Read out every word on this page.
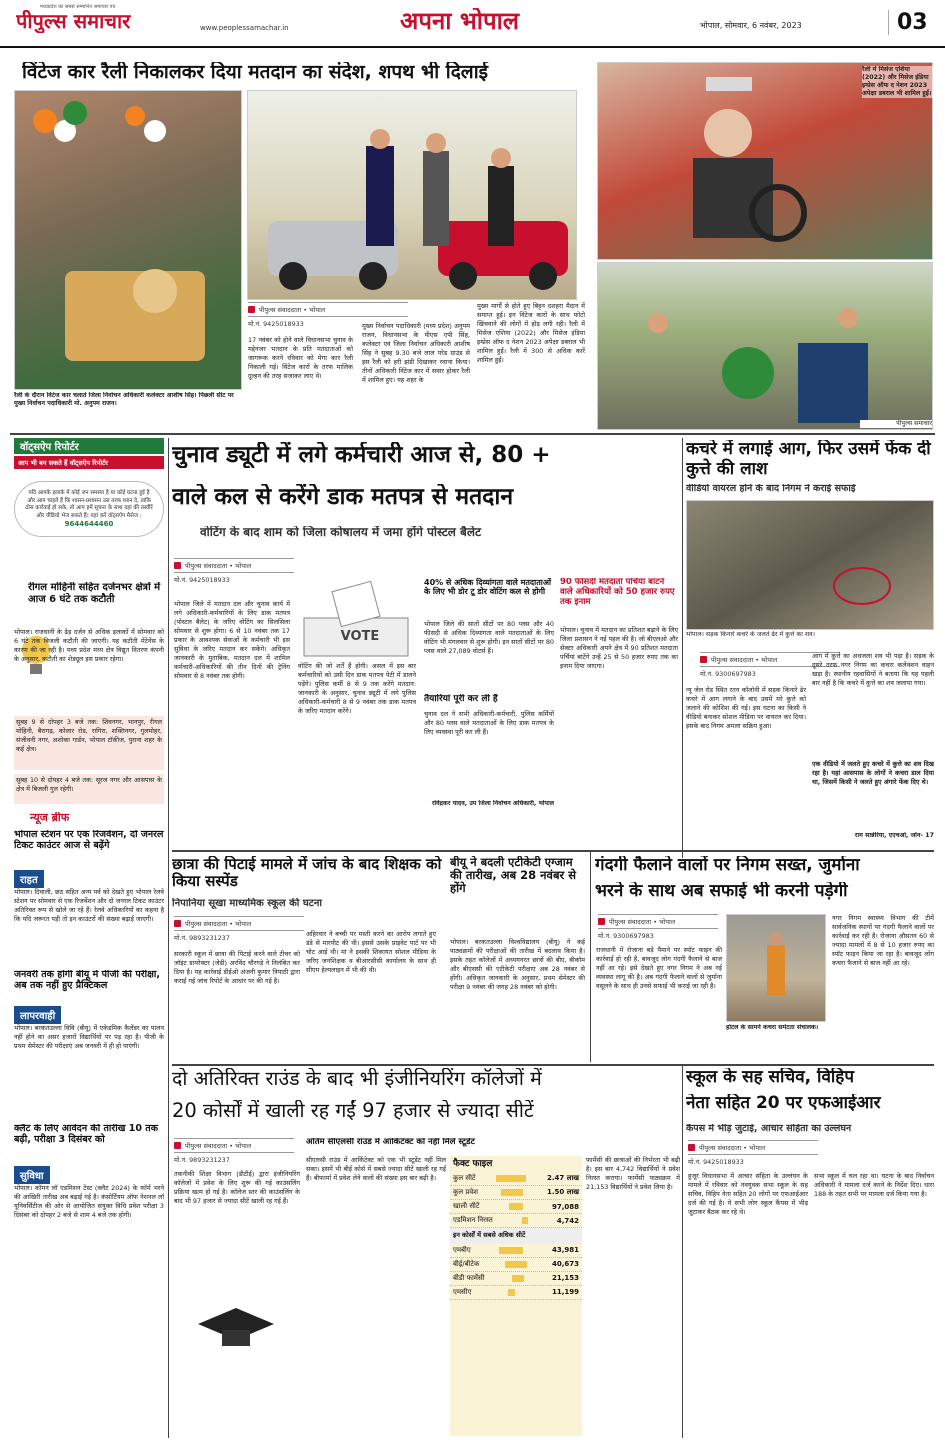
मध्यप्रदेश का सबसे सम्मानित समाचार पत्र
पीपुल्स समाचार	www.peoplessamachar.in	अपना भोपाल	भोपाल, सोमवार, 6 नवंबर, 2023	03
विंटेज कार रैली निकालकर दिया मतदान का संदेश, शपथ भी दिलाई
रैली के दौरान विंटेज कार चलाते जिला निर्वाचन अधिकारी कलेक्टर आशीष सिंह। पिछली सीट पर मुख्य निर्वाचन पदाधिकारी मो. अनुपम राजन।
पीपुल्स संवाददाता • भोपाल
मो.नं. 9425018933
17 नवंबर को होने वाले विधानसभा चुनाव के मद्देनजर भतदान के प्रति मतदाताओं को जागरूक करने रविवार को मेगा कार रैली निकाली गई। विंटेज कारों के तरफ मालिक दूल्हन की तरह सजाकर लाए थे।
मुख्य निर्वाचन पदाधिकारी (मध्य प्रदेश) अनुपम राजन, विधानसभा के पीएस एपी सिंह, कलेक्टर एवं जिला निर्वाचन अधिकारी आशीष सिंह ने सुबह 9.30 बजे लाल परेड ग्राउंड से इस रैली को हरी झंडी दिखाकर रवाना किया। तीनों अधिकारी विंटेज कार में सवार होकर रैली में शामिल हुए। यह शहर के
मुख्य मार्गों से होते हुए बिट्टन दशहरा मैदान में समाप्त हुई। इन विंटेज कारों के साथ फोटो खिंचवाने की लोगों में होड़ लगी रही। रैली में मिसेज एशिया (2022) और मिसेज इंडिया इम्प्रेस ऑफ द नेशन 2023 अपेक्षा डबराल भी शामिल हुईं। रैली में 300 से अधिक कारें शामिल हुईं।
रैली में मिसेज एशिया (2022) और मिसेज इंडिया इम्प्रेस ऑफ द नेशन 2023 अपेक्षा डबराल भी शामिल हुईं।
पीपुल्स समाचार
वॉट्सऐप रिपोर्टर
आप भी बन सकते हैं वॉट्सऐप रिपोर्टर
यदि आपके इलाके में कोई जन समस्या है या कोई घटना हुई है और आप चाहते हैं कि शासन-प्रशासन उस तरफ ध्यान दे, ताकि ठोस कार्रवाई हो सके, तो आप हमें सूचना के साथ वहां की तस्वीरें और वीडियो भेज सकते हैं। यहां करें वॉट्सऐप मैसेज :
9644644460
रीगल मोहिनी सहित दर्जनभर क्षेत्रों में आज 6 घंटे तक कटौती
भोपाल। राजधानी के ढेड़ दर्जन से अधिक इलाकों में सोमवार को 6 घंटे तक बिजली कटौती की जाएगी। यह कटौती मेंटेनेंस के कारण की जा रही है। मध्य प्रदेश मध्य क्षेत्र विद्युत वितरण कंपनी के अनुसार, कटौती का शेड्यूल इस प्रकार रहेगा।
सुबह 9 से दोपहर 3 बजे तक: शिवनगर, भानपुर, रीगल मोहिनी, बैरागढ़, कोलार रोड, रागिरा, शक्तिनगर, गुलमोहर, संजीवनी नगर, अशोका गार्डन, भोपाल टॉकीज, पुराना शहर के कई क्षेत्र।
सुबह 10 से दोपहर 4 बजे तक: सूरज नगर और आसपास के क्षेत्र में बिजली गुल रहेगी।
न्यूज ब्रीफ
भोपाल स्टेशन पर एक रिजर्वेशन, दो जनरल टिकट काउंटर आज से बढ़ेंगे
राहत
भोपाल। दिवाली, छठ सहित अन्य पर्व को देखते हुए भोपाल रेलवे स्टेशन पर सोमवार से एक रिजर्वेशन और दो जनरल टिकट काउंटर अतिरिक्त रूप से खोले जा रहे हैं। रेलवे अधिकारियों का कहना है कि यदि जरूरत पड़ी तो इन काउंटरों की संख्या बढ़ाई जाएगी।
जनवरी तक होगी बीयू में पीजी की परीक्षा, अब तक नहीं हुए प्रैक्टिकल
लापरवाही
भोपाल। बरकतउल्ला विवि (बीयू) में एकेडमिक कैलेंडर का पालन नहीं होने का असर हजारों विद्यार्थियों पर पड़ रहा है। पीजी के प्रथम सेमेस्टर की परीक्षाएं अब जनवरी में ही हो पाएंगी।
क्लैट के लिए आवेदन की तारीख 10 तक बढ़ी, परीक्षा 3 दिसंबर को
सुविधा
भोपाल। कॉमन लॉ एडमिशन टेस्ट (क्लैट 2024) के फॉर्म भरने की आखिरी तारीख अब बढ़ाई गई है। कंसोर्टियम ऑफ नेशनल लॉ यूनिवर्सिटीज की ओर से आयोजित संयुक्त विधि प्रवेश परीक्षा 3 दिसंबर को दोपहर 2 बजे से शाम 4 बजे तक होगी।
चुनाव ड्यूटी में लगे कर्मचारी आज से, 80 +
वाले कल से करेंगे डाक मतपत्र से मतदान
वोटिंग के बाद शाम को जिला कोषालय में जमा होंगे पोस्टल बैलेट
पीपुल्स संवाददाता • भोपाल
मो.नं. 9425018933
भोपाल जिले में मतदान दल और चुनाव कार्य में लगे अधिकारी-कर्मचारियों के लिए डाक मतपत्र (पोस्टल बैलेट) के जरिए वोटिंग का सिलसिला सोमवार से शुरू होगा। 6 से 10 नवंबर तक 17 प्रकार के आवश्यक सेवाओं के कर्मचारी भी इस सुविधा के जरिए मतदान कर सकेंगे। अधिकृत जानकारी के मुताबिक, मतदान दल में शामिल कर्मचारी-अधिकारियों की तीन दिनों की ट्रेनिंग सोमवार से 8 नवंबर तक होगी।
VOTE
वोटिंग की जो शर्तें हैं होगी। असल में इस बार कर्मचारियों को उसी दिन डाक मतपत्र पेटी में डालने पड़ेंगे। पुलिस कर्मी 8 से 9 तक करेंगे मतदान: जानकारी के अनुसार, चुनाव ड्यूटी में लगे पुलिस अधिकारी-कर्मचारी 8 से 9 नवंबर तक डाक मतपत्र के जरिए मतदान करेंगे।
40% से अधिक दिव्यांगता वाले मतदाताओं के लिए भी डोर टू डोर वोटिंग कल से होगी
भोपाल जिले की सातों सीटों पर 80 प्लस और 40 फीसदी से अधिक दिव्यांगता वाले मतदाताओं के लिए वोटिंग भी मंगलवार से शुरू होगी। इन सातों सीटों पर 80 प्लस वाले 27,089 वोटर्स हैं।
तैयारियां पूरी कर ली हैं
चुनाव दल ने सभी अधिकारी-कर्मचारी, पुलिस कर्मियों और 80 प्लस वाले मतदाताओं के लिए डाक मतपत्र के लिए व्यवस्था पूरी कर ली हैं।
रविंद्रकर यादव, उप जिला निर्वाचन अधिकारी, भोपाल
90 फीसदी मतदाता पर्चियां बांटने वाले अधिकारियों को 50 हजार रुपए तक इनाम
भोपाल। चुनाव में मतदान का प्रतिशत बढ़ाने के लिए जिला प्रशासन ने नई पहल की है। जो बीएलओ और सेक्टर अधिकारी अपने क्षेत्र में 90 प्रतिशत मतदाता पर्चियां बांटेंगे उन्हें 25 से 50 हजार रुपए तक का इनाम दिया जाएगा।
कचरे में लगाई आग, फिर उसमें फेंक दी कुत्ते की लाश
वीडियो वायरल होने के बाद निगम ने कराई सफाई
भोपाल। सड़क किनारे कचरे के जलते ढेर में कुत्ते का शव।
पीपुल्स संवाददाता • भोपाल
मो.नं. 9300697983
न्यू जेल रोड स्थित रतन कॉलोनी में सड़क किनारे ढेर कचरे में आग लगाने के बाद उसमें मरे कुत्ते को जलाने की कोशिश की गई। इस घटना का किसी ने वीडियो बनाकर सोशल मीडिया पर वायरल कर दिया। इसके बाद निगम अमला सक्रिय हुआ।
आग में कुत्ते का अधजला शव भी पड़ा है। सड़क के दूसरे तरफ नगर निगम का कचरा कलेक्शन वाहन खड़ा है। स्थानीय रहवासियों ने बताया कि यह पहली बार नहीं है कि कचरे में कुत्ते का शव जलाया गया।
एक वीडियो में जलते हुए कचरे में कुत्ते का शव दिख रहा है। यहां आसपास के लोगों ने कचरा डाल दिया था, जिसमें किसी ने जलते हुए अंगारे फेंक दिए थे।
राम सान्नेरिया, एएचओ, जोन- 17
छात्रा की पिटाई मामले में जांच के बाद शिक्षक को किया सस्पेंड
निपानिया सूखा माध्यमिक स्कूल की घटना
पीपुल्स संवाददाता • भोपाल
मो.नं. 9893231237
सरकारी स्कूल में छात्रा की पिटाई करने वाले टीचर को जॉइंट डायरेक्टर (जेडी) अरविंद चौरगड़े ने निलंबित कर दिया है। यह कार्रवाई डीईओ अंजनी कुमार त्रिपाठी द्वारा कराई गई जांच रिपोर्ट के आधार पर की गई है।
अहिरवार ने बच्ची पर मस्ती करने का आरोप लगाते हुए डंडे से मारपीट की थी। इससे उसके प्राइवेट पार्ट पर भी चोट आई थी। मां ने इसकी शिकायत सोशल मीडिया के जरिए जनशिक्षक व बीआरसीसी कार्यालय के साथ ही सीएम हेल्पलाइन में भी की थी।
बीयू ने बदली एटीकेटी एग्जाम की तारीख, अब 28 नवंबर से होंगे
भोपाल। बरकतउल्ला विश्वविद्यालय (बीयू) ने कई पाठ्यक्रमों की परीक्षाओं की तारीख में बदलाव किया है। इसके तहत कॉलेजों में अध्ययनरत छात्रों की बीए, बीकॉम और बीएससी की एटीकेटी परीक्षाएं अब 28 नवंबर से होंगी। अधिकृत जानकारी के अनुसार, प्रथम सेमेस्टर की परीक्षा 9 नवंबर की जगह 28 नवंबर को होगी।
गंदगी फैलाने वालों पर निगम सख्त, जुर्माना
भरने के साथ अब सफाई भी करनी पड़ेगी
पीपुल्स संवाददाता • भोपाल
मो.नं. 9300697983
राजधानी में रोजाना बड़े पैमाने पर स्पॉट फाइन की कार्रवाई हो रही है, बावजूद लोग गंदगी फैलाने से बाज नहीं आ रहे। इसे देखते हुए नगर निगम ने अब नई व्यवस्था लागू की है। अब गंदगी फैलाने वालों से जुर्माना वसूलने के साथ ही उनसे सफाई भी कराई जा रही है।
होटल के सामने कचरा समेटता संचालक।
नगर निगम स्वास्थ्य विभाग की टीमें सार्वजनिक स्थानों पर गंदगी फैलाने वालों पर कार्रवाई कर रही है। रोजाना औसतन 60 से ज्यादा मामलों में 8 से 10 हजार रुपए का स्पॉट फाइन किया जा रहा है। बावजूद लोग कचरा फैलाने से बाज नहीं आ रहे।
दो अतिरिक्त राउंड के बाद भी इंजीनियरिंग कॉलेजों में
20 कोर्सों में खाली रह गईं 97 हजार से ज्यादा सीटें
पीपुल्स संवाददाता • भोपाल
मो.नं. 9893231237
तकनीकी शिक्षा विभाग (डीटीई) द्वारा इंजीनियरिंग कॉलेजों में प्रवेश के लिए शुरू की गई काउंसलिंग प्रक्रिया खत्म हो गई है। कॉलेज स्तर की काउंसलिंग के बाद भी 97 हजार से ज्यादा सीटें खाली रह गई हैं।
अंतिम सीएलसी राउंड में आर्किटेक्ट को नहीं मिले स्टूडेंट
सीएलसी राउंड में आर्किटेक्ट को एक भी स्टूडेंट नहीं मिल सका। इसमें भी बीई कोर्स में सबसे ज्यादा सीटें खाली रह गईं हैं। बीफार्मा में प्रवेश लेने वालों की संख्या इस बार बढ़ी है।
फैक्ट फाइल
कुल सीटें	2.47 लाख
कुल प्रवेश	1.50 लाख
खाली सीटें	97,088
एडमिशन निरस्त	4,742
इन कोर्सों में सबसे अधिक सीटें
एमबीए	43,981
बीई/बीटेक	40,673
बीडी फार्मेसी	21,153
एमसीए	11,199
फार्मेसी की छात्राओं की निर्भरता भी बढ़ी है। इस बार 4,742 विद्यार्थियों ने प्रवेश निरस्त कराया। फार्मेसी पाठ्यक्रम में 21,153 विद्यार्थियों ने प्रवेश लिया है।
स्कूल के सह सचिव, विहिप
नेता सहित 20 पर एफआईआर
कैंपस में भीड़ जुटाई, आचार संहिता का उल्लंघन
पीपुल्स संवाददाता • भोपाल
मो.नं. 9425018933
हुजूर विधानसभा में आचार संहिता के उल्लंघन के मामले में रविवार को नवयुवक सभा स्कूल के सह सचिव, विहिप नेता सहित 20 लोगों पर एफआईआर दर्ज की गई है। ये सभी लोग स्कूल कैंपस में भीड़ जुटाकर बैठक कर रहे थे।
सभा स्कूल में चल रहा था। घटना के बाद निर्वाचन अधिकारी ने मामला दर्ज करने के निर्देश दिए। धारा 188 के तहत सभी पर मामला दर्ज किया गया है।
